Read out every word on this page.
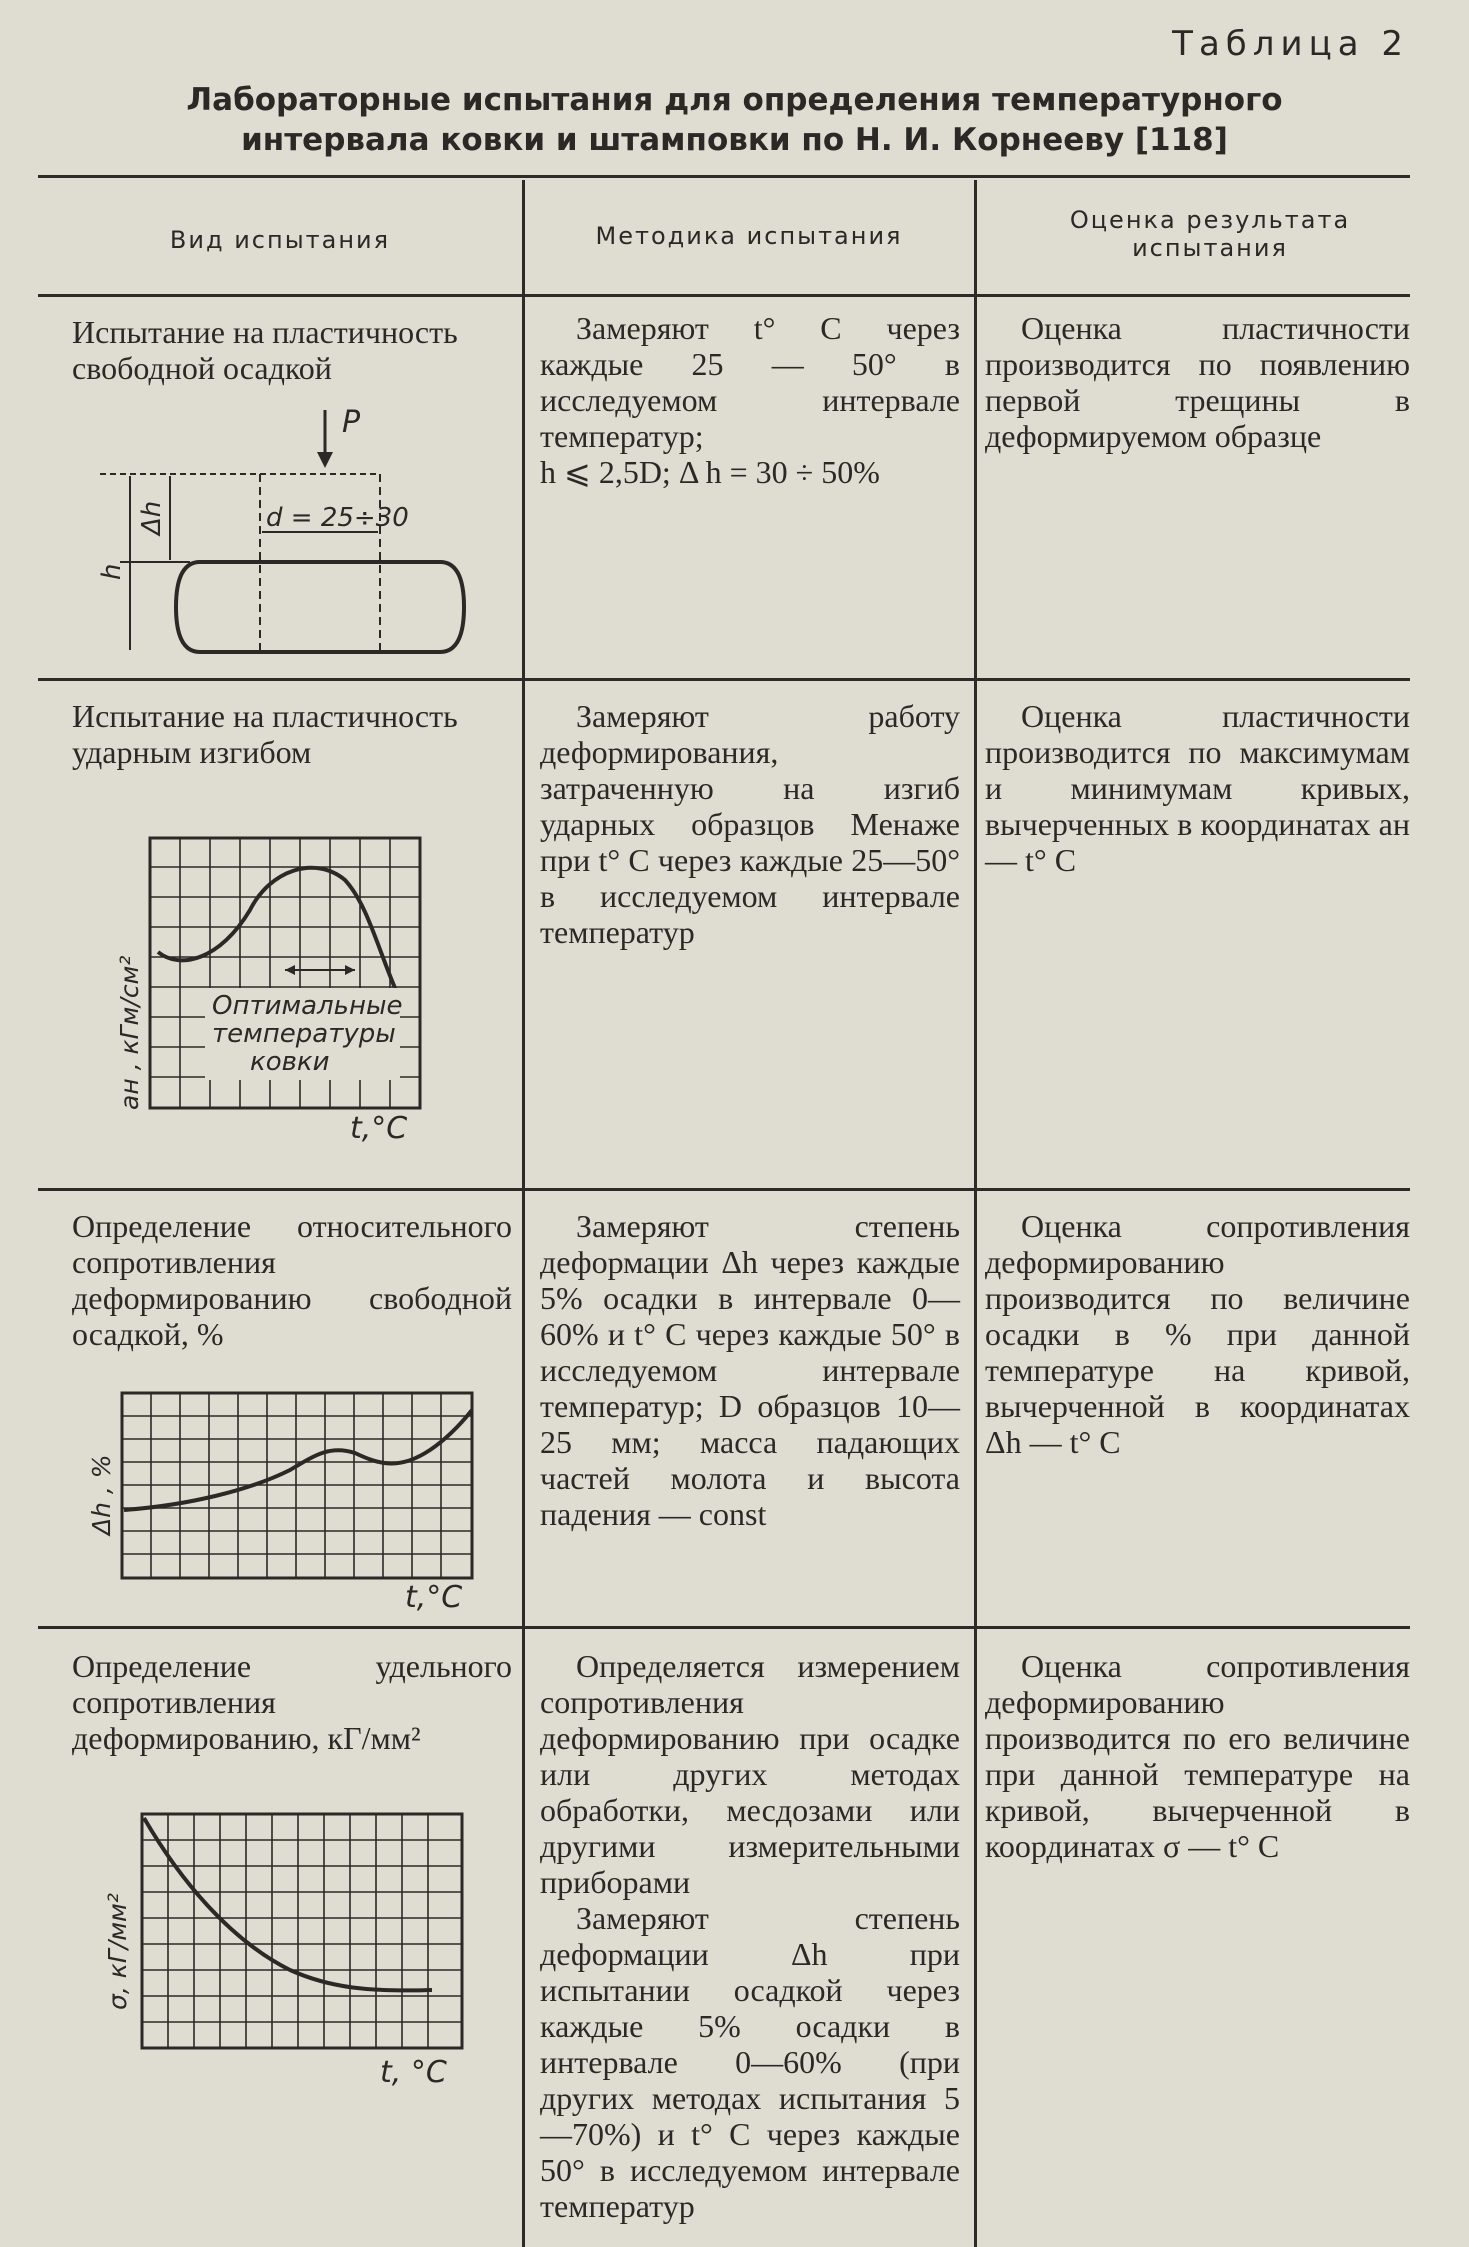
Таблица 2
Лабораторные испытания для определения температурного
интервала ковки и штамповки по Н. И. Корнееву [118]
Вид испытания	Методика испытания
Оценка результата испытания
Испытание на пластичность свободной осадкой

Замеряют t° С через каждые 25 — 50° в исследуемом интервале температур;

h ⩽ 2,5D; Δ h = 30 ÷ 50%

Оценка пластичности производится по появлению первой трещины в деформируемом образце

P
d = 25÷30
Δh
h
Испытание на пластичность ударным изгибом

Замеряют работу деформирования, затраченную на изгиб ударных образцов Менаже при t° С через каждые 25—50° в исследуемом интервале температур

Оценка пластичности производится по максимумам и минимумам кривых, вычерченных в координатах aн — t° С

Оптимальные
температуры
ковки
aн , кГм/см²
t,°C

Определение относительного сопротивления деформированию свободной осадкой, %

Замеряют степень деформации Δh через каждые 5% осадки в интервале 0—60% и t° С через каждые 50° в исследуемом интервале температур; D образцов 10—25 мм; масса падающих частей молота и высота падения — const

Оценка сопротивления деформированию производится по величине осадки в % при данной температуре на кривой, вычерченной в координатах Δh — t° С

Δh , %
t,°C

Определение удельного сопротивления деформированию, кГ/мм²

Определяется измерением сопротивления деформированию при осадке или других методах обработки, месдозами или другими измерительными приборами

Замеряют степень деформации Δh при испытании осадкой через каждые 5% осадки в интервале 0—60% (при других методах испытания 5—70%) и t° С через каждые 50° в исследуемом интервале температур

Оценка сопротивления деформированию производится по его величине при данной температуре на кривой, вычерченной в координатах σ — t° С

σ, кГ/мм²
t, °C
